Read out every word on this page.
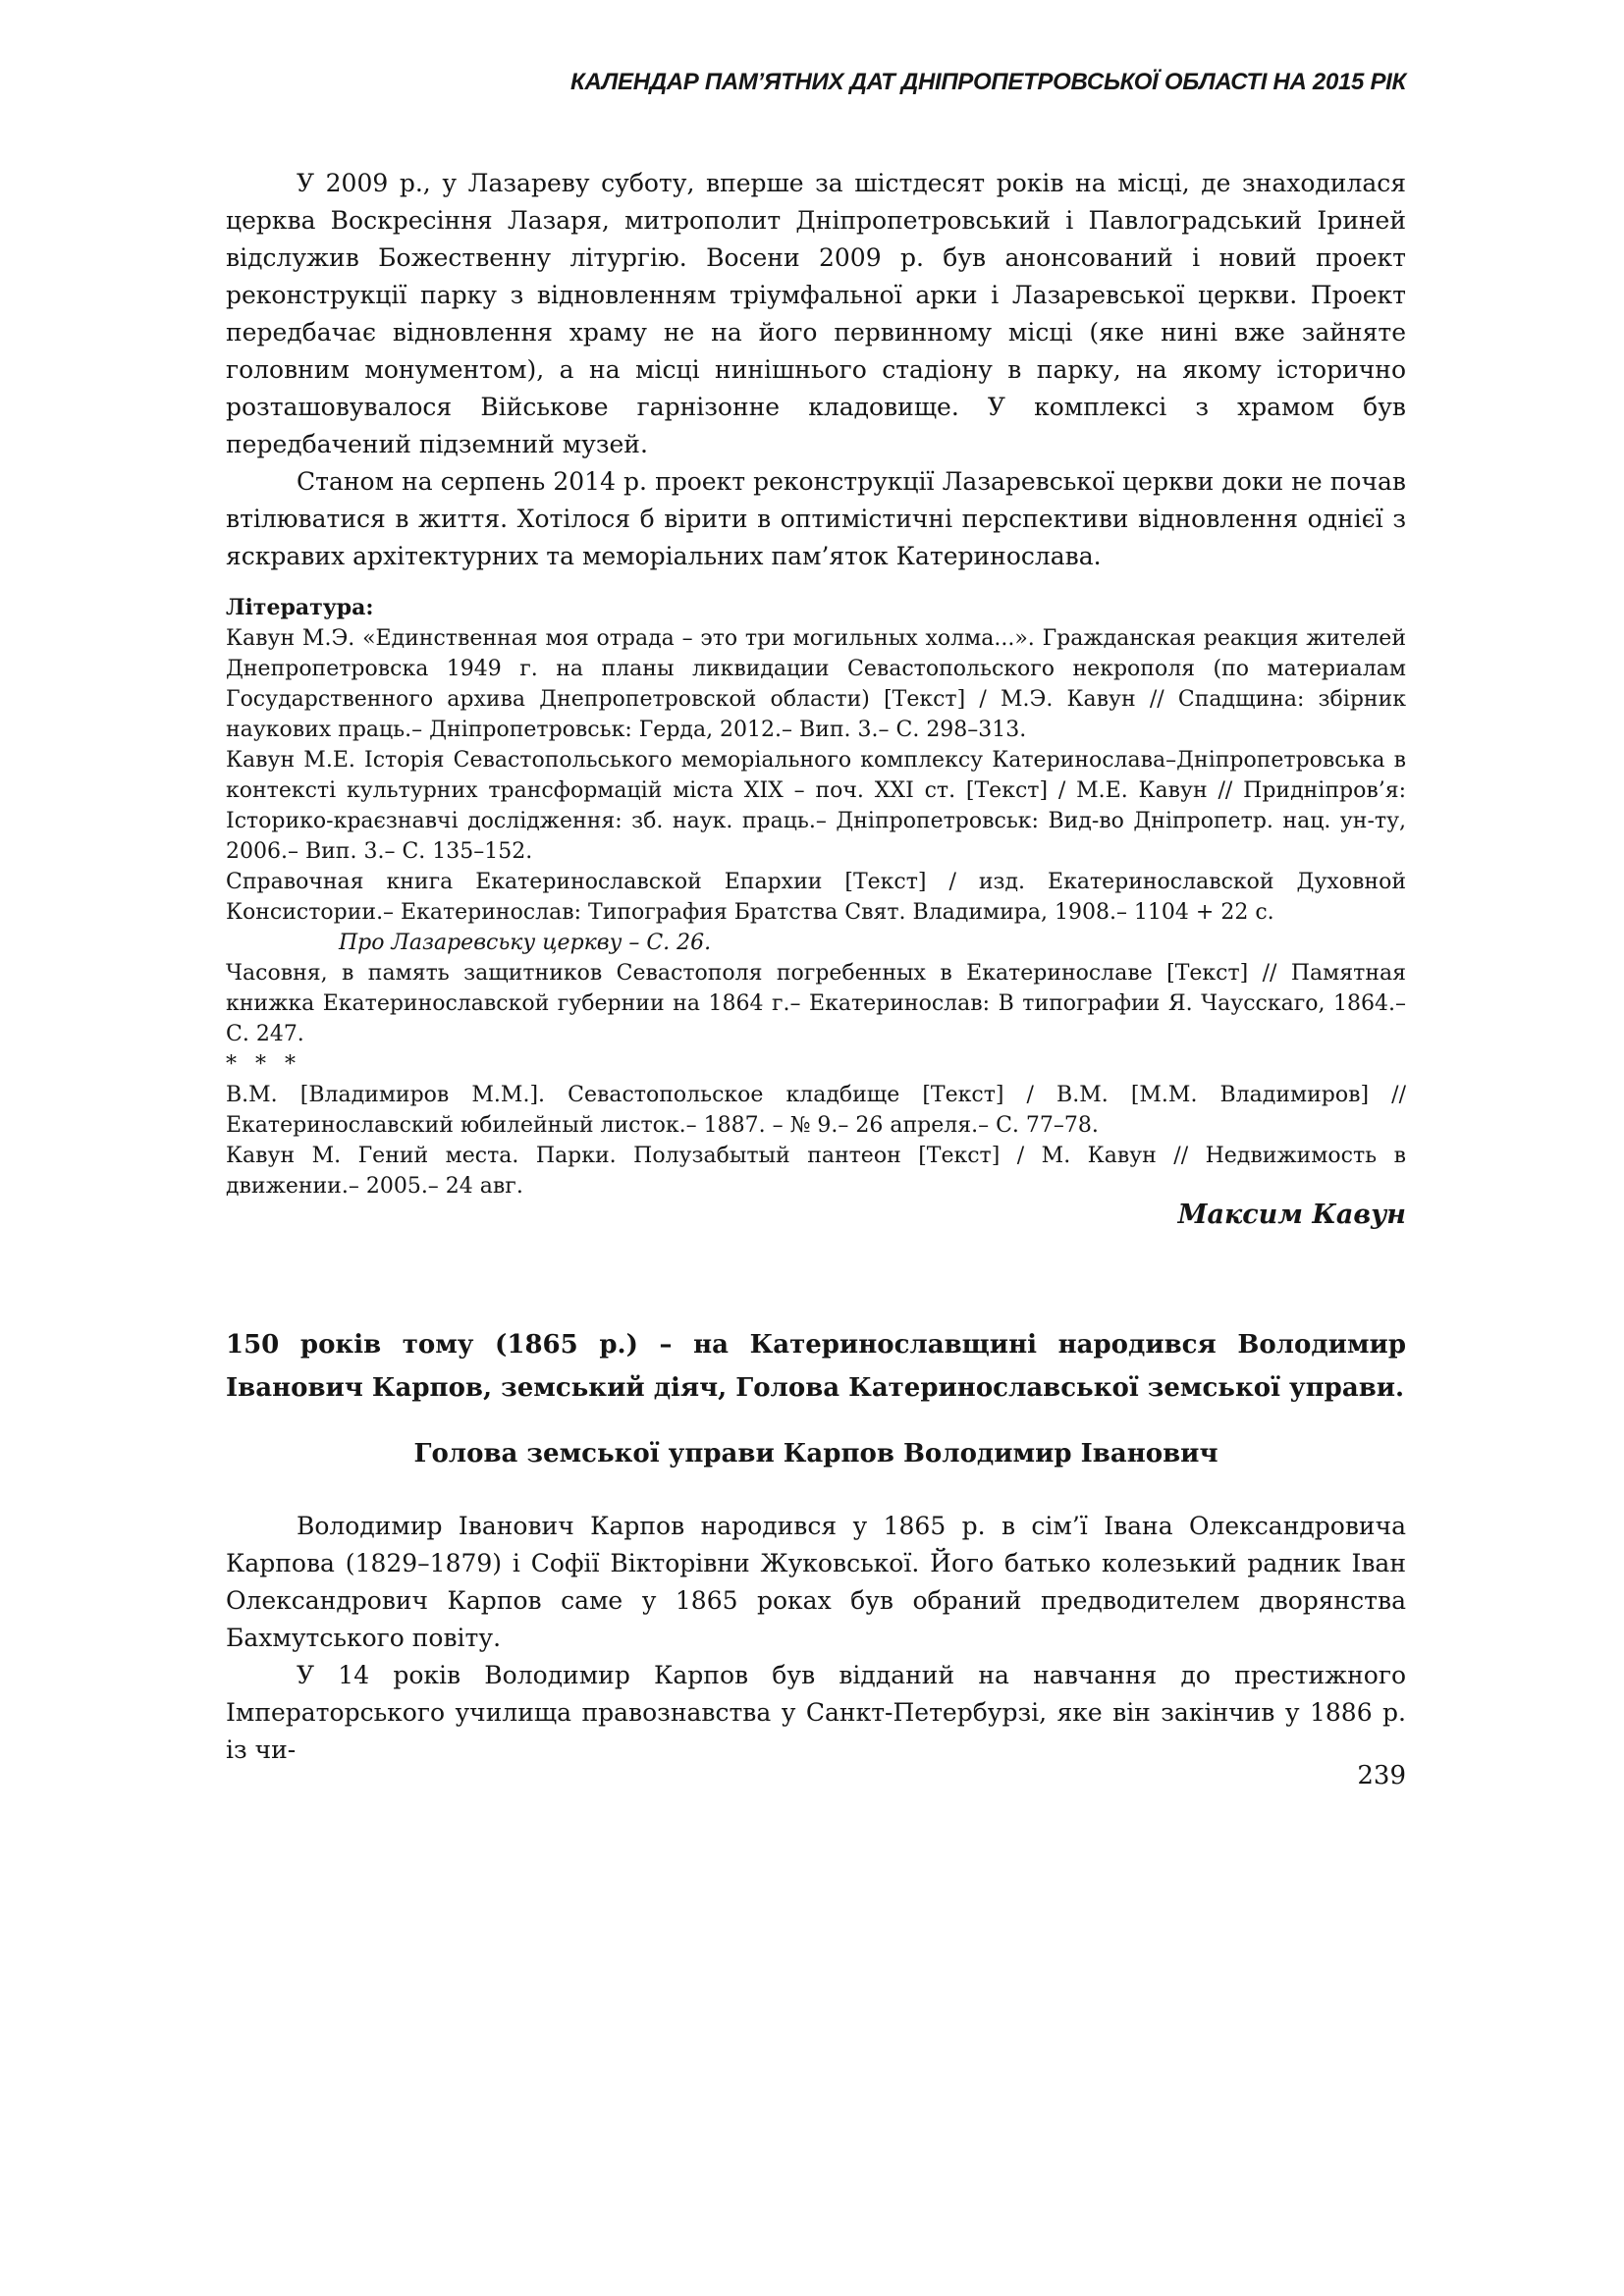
КАЛЕНДАР ПАМ’ЯТНИХ ДАТ ДНІПРОПЕТРОВСЬКОЇ ОБЛАСТІ НА 2015 РІК

У 2009 р., у Лазареву суботу, вперше за шістдесят років на місці, де знаходилася церква Воскресіння Лазаря, митрополит Дніпропетровський і Павлоградський Іриней відслужив Божественну літургію. Восени 2009 р. був анонсований і новий проект реконструкції парку з відновленням тріумфальної арки і Лазаревської церкви. Проект передбачає відновлення храму не на його первинному місці (яке нині вже зайняте головним монументом), а на місці нинішнього стадіону в парку, на якому історично розташовувалося Військове гарнізонне кладовище. У комплексі з храмом був передбачений підземний музей.

Станом на серпень 2014 р. проект реконструкції Лазаревської церкви доки не почав втілюватися в життя. Хотілося б вірити в оптимістичні перспективи відновлення однієї з яскравих архітектурних та меморіальних пам’яток Катеринослава.

Література:

Кавун М.Э. «Единственная моя отрада – это три могильных холма...». Гражданская реакция жителей Днепропетровска 1949 г. на планы ликвидации Севастопольского некрополя (по материалам Государственного архива Днепропетровской области) [Текст] / М.Э. Кавун // Спадщина: збірник наукових праць.– Дніпропетровськ: Герда, 2012.– Вип. 3.– С. 298–313.

Кавун М.Е. Історія Севастопольського меморіального комплексу Катеринослава–Дніпропетровська в контексті культурних трансформацій міста XIX – поч. XXI ст. [Текст] / М.Е. Кавун // Придніпров’я: Історико-краєзнавчі дослідження: зб. наук. праць.– Дніпропетровськ: Вид-во Дніпропетр. нац. ун-ту, 2006.– Вип. 3.– С. 135–152.

Справочная книга Екатеринославской Епархии [Текст] / изд. Екатеринославской Духовной Консистории.– Екатеринослав: Типография Братства Свят. Владимира, 1908.– 1104 + 22 с.

Про Лазаревську церкву – С. 26.

Часовня, в память защитников Севастополя погребенных в Екатеринославе [Текст] // Памятная книжка Екатеринославской губернии на 1864 г.– Екатеринослав: В типографии Я. Чаусскаго, 1864.– С. 247.

* * *

В.М. [Владимиров М.М.]. Севастопольское кладбище [Текст] / В.М. [М.М. Владимиров] // Екатеринославский юбилейный листок.– 1887. – № 9.– 26 апреля.– С. 77–78.

Кавун М. Гений места. Парки. Полузабытый пантеон [Текст] / М. Кавун // Недвижимость в движении.– 2005.– 24 авг.

Максим Кавун
150 років тому (1865 р.) – на Катеринославщині народився Володимир Іванович Карпов, земський діяч, Голова Катеринославської земської управи.
Голова земської управи Карпов Володимир Іванович

Володимир Іванович Карпов народився у 1865 р. в сім’ї Івана Олександровича Карпова (1829–1879) і Софії Вікторівни Жуковської. Його батько колезький радник Іван Олександрович Карпов саме у 1865 роках був обраний предводителем дворянства Бахмутського повіту.

У 14 років Володимир Карпов був відданий на навчання до престижного Імператорського училища правознавства у Санкт-Петербурзі, яке він закінчив у 1886 р. із чи-

239
